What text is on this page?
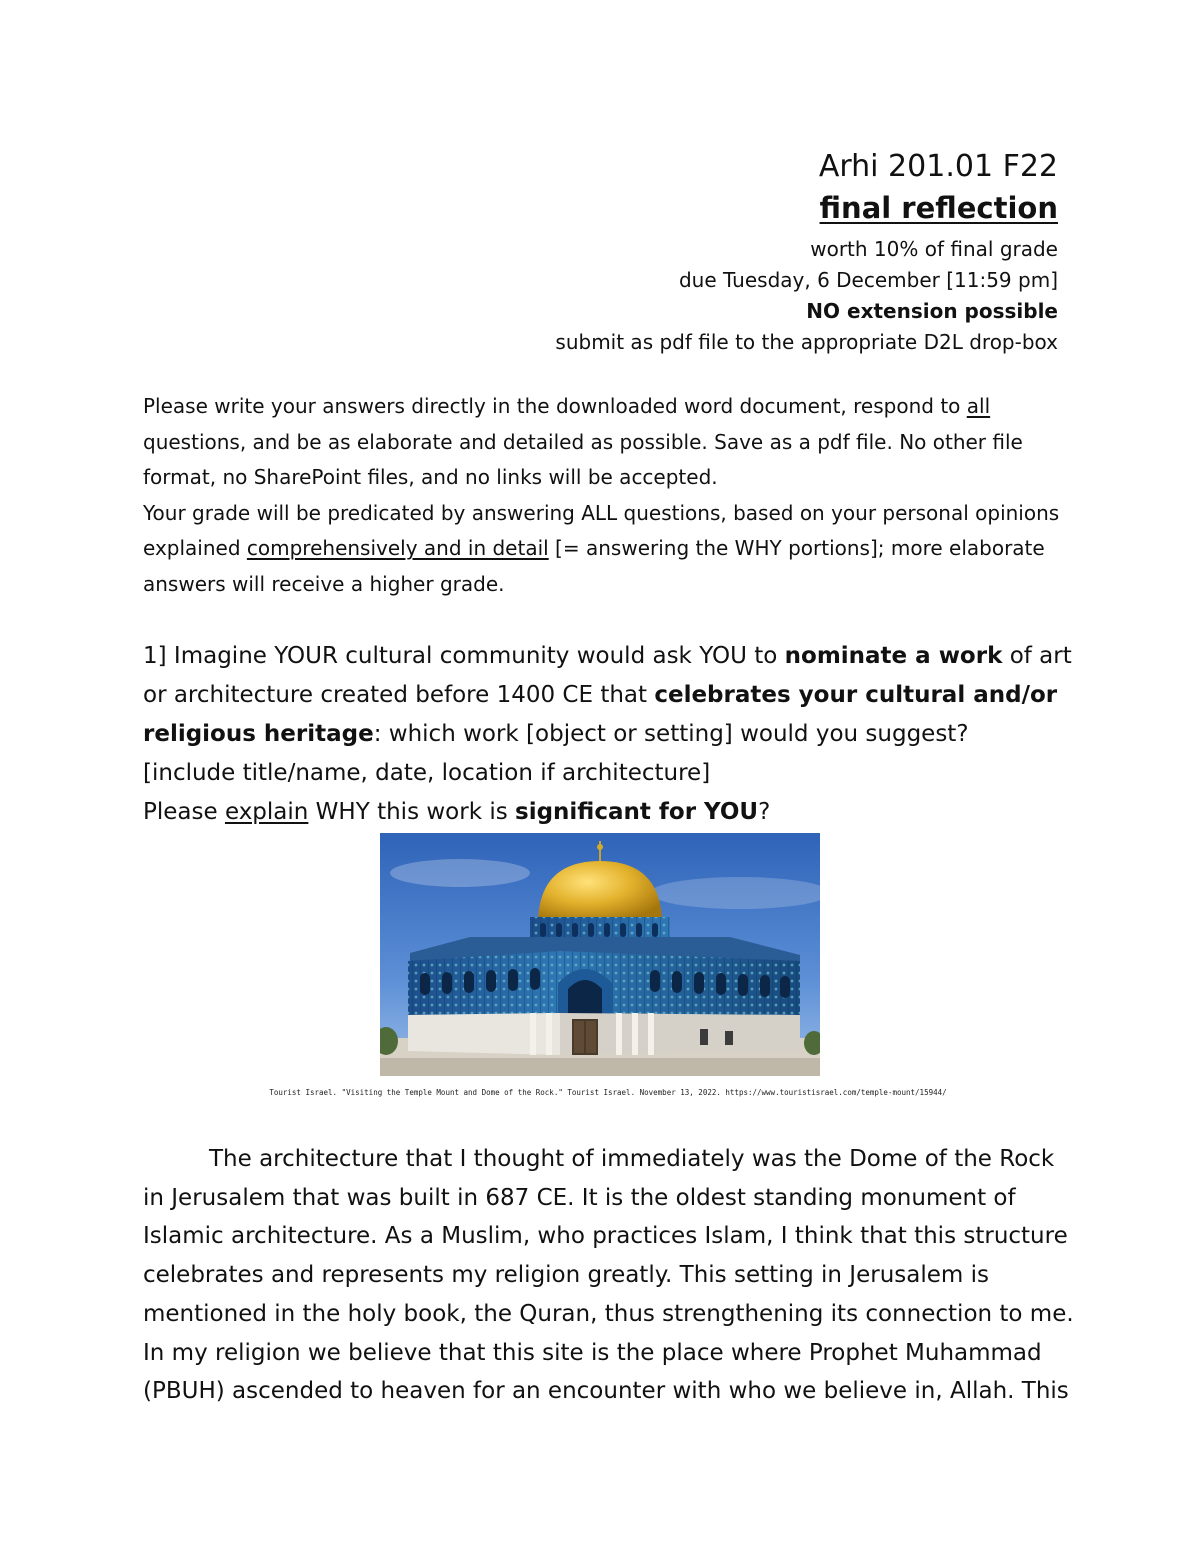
Arhi 201.01 F22
final reflection
worth 10% of final grade
due Tuesday, 6 December [11:59 pm]
NO extension possible
submit as pdf file to the appropriate D2L drop-box
Please write your answers directly in the downloaded word document, respond to all questions, and be as elaborate and detailed as possible. Save as a pdf file. No other file format, no SharePoint files, and no links will be accepted.
Your grade will be predicated by answering ALL questions, based on your personal opinions explained comprehensively and in detail [= answering the WHY portions]; more elaborate answers will receive a higher grade.
1] Imagine YOUR cultural community would ask YOU to nominate a work of art or architecture created before 1400 CE that celebrates your cultural and/or religious heritage: which work [object or setting] would you suggest?
[include title/name, date, location if architecture]
Please explain WHY this work is significant for YOU?
Tourist Israel. "Visiting the Temple Mount and Dome of the Rock." Tourist Israel. November 13, 2022. https://www.touristisrael.com/temple-mount/15944/
The architecture that I thought of immediately was the Dome of the Rock in Jerusalem that was built in 687 CE. It is the oldest standing monument of Islamic architecture. As a Muslim, who practices Islam, I think that this structure celebrates and represents my religion greatly. This setting in Jerusalem is mentioned in the holy book, the Quran, thus strengthening its connection to me. In my religion we believe that this site is the place where Prophet Muhammad (PBUH) ascended to heaven for an encounter with who we believe in, Allah. This
